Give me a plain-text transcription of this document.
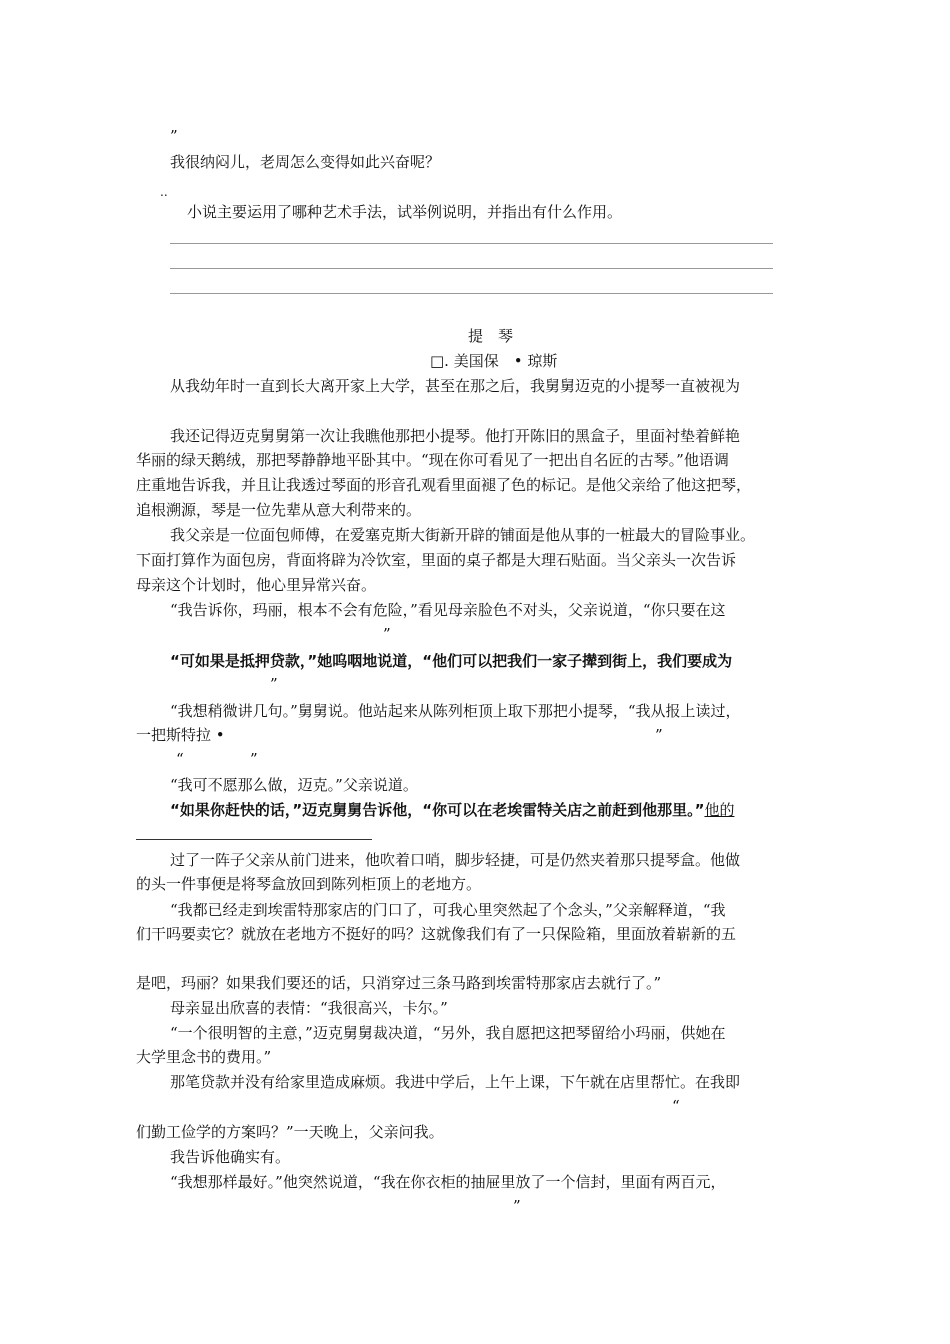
”
我很纳闷儿，老周怎么变得如此兴奋呢？
..
小说主要运用了哪种艺术手法，试举例说明，并指出有什么作用。
提　琴
□. 美国保　• 琼斯
从我幼年时一直到长大离开家上大学，甚至在那之后，我舅舅迈克的小提琴一直被视为
我还记得迈克舅舅第一次让我瞧他那把小提琴。他打开陈旧的黑盒子，里面衬垫着鲜艳
华丽的绿天鹅绒，那把琴静静地平卧其中。“现在你可看见了一把出自名匠的古琴。”他语调
庄重地告诉我，并且让我透过琴面的形音孔观看里面褪了色的标记。是他父亲给了他这把琴，
追根溯源，琴是一位先辈从意大利带来的。
我父亲是一位面包师傅，在爱塞克斯大街新开辟的铺面是他从事的一桩最大的冒险事业。
下面打算作为面包房，背面将辟为冷饮室，里面的桌子都是大理石贴面。当父亲头一次告诉
母亲这个计划时，他心里异常兴奋。
“我告诉你，玛丽，根本不会有危险，”看见母亲脸色不对头，父亲说道，“你只要在这
”
“可如果是抵押贷款，”她呜咽地说道，“他们可以把我们一家子撵到街上，我们要成为
”
“我想稍微讲几句。”舅舅说。他站起来从陈列柜顶上取下那把小提琴，“我从报上读过，
一把斯特拉 •	”
“	”
“我可不愿那么做，迈克。”父亲说道。
“如果你赶快的话，”迈克舅舅告诉他，“你可以在老埃雷特关店之前赶到他那里。”他的
过了一阵子父亲从前门进来，他吹着口哨，脚步轻捷，可是仍然夹着那只提琴盒。他做
的头一件事便是将琴盒放回到陈列柜顶上的老地方。
“我都已经走到埃雷特那家店的门口了，可我心里突然起了个念头，”父亲解释道，“我
们干吗要卖它？就放在老地方不挺好的吗？这就像我们有了一只保险箱，里面放着崭新的五
是吧，玛丽？如果我们要还的话，只消穿过三条马路到埃雷特那家店去就行了。”
母亲显出欣喜的表情：“我很高兴，卡尔。”
“一个很明智的主意，”迈克舅舅裁决道，“另外，我自愿把这把琴留给小玛丽，供她在
大学里念书的费用。”
那笔贷款并没有给家里造成麻烦。我进中学后，上午上课，下午就在店里帮忙。在我即
“
们勤工俭学的方案吗？”一天晚上，父亲问我。
我告诉他确实有。
“我想那样最好。”他突然说道，“我在你衣柜的抽屉里放了一个信封，里面有两百元，
”
